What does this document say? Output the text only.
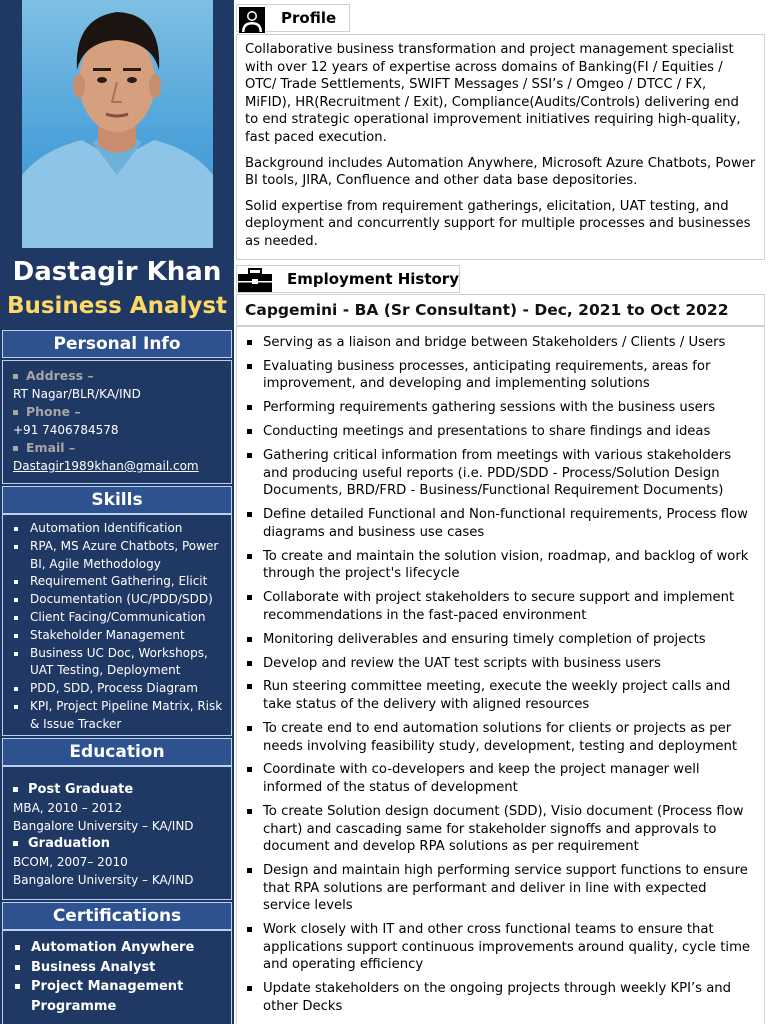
Dastagir Khan
Business Analyst
Personal Info
Address –
RT Nagar/BLR/KA/IND
Phone –
+91 7406784578
Email –
Dastagir1989khan@gmail.com
Skills
Automation Identification
RPA, MS Azure Chatbots, Power BI, Agile Methodology
Requirement Gathering, Elicit
Documentation (UC/PDD/SDD)
Client Facing/Communication
Stakeholder Management
Business UC Doc, Workshops, UAT Testing, Deployment
PDD, SDD, Process Diagram
KPI, Project Pipeline Matrix, Risk & Issue Tracker
Education
Post Graduate
MBA, 2010 – 2012
Bangalore University – KA/IND
Graduation
BCOM, 2007– 2010
Bangalore University – KA/IND
Certifications
Automation Anywhere
Business Analyst
Project Management Programme
Profile

Collaborative business transformation and project management specialist with over 12 years of expertise across domains of Banking(FI / Equities / OTC/ Trade Settlements, SWIFT Messages / SSI’s / Omgeo / DTCC / FX, MiFID), HR(Recruitment / Exit), Compliance(Audits/Controls) delivering end to end strategic operational improvement initiatives requiring high-quality, fast paced execution.

Background includes Automation Anywhere, Microsoft Azure Chatbots, Power BI tools, JIRA, Confluence and other data base depositories.

Solid expertise from requirement gatherings, elicitation, UAT testing, and deployment and concurrently support for multiple processes and businesses as needed.

Employment History
Capgemini - BA (Sr Consultant) - Dec, 2021 to Oct 2022
Serving as a liaison and bridge between Stakeholders / Clients / Users
Evaluating business processes, anticipating requirements, areas for improvement, and developing and implementing solutions
Performing requirements gathering sessions with the business users
Conducting meetings and presentations to share findings and ideas
Gathering critical information from meetings with various stakeholders and producing useful reports (i.e. PDD/SDD - Process/Solution Design Documents, BRD/FRD - Business/Functional Requirement Documents)
Define detailed Functional and Non-functional requirements, Process flow diagrams and business use cases
To create and maintain the solution vision, roadmap, and backlog of work through the project's lifecycle
Collaborate with project stakeholders to secure support and implement recommendations in the fast-paced environment
Monitoring deliverables and ensuring timely completion of projects
Develop and review the UAT test scripts with business users
Run steering committee meeting, execute the weekly project calls and take status of the delivery with aligned resources
To create end to end automation solutions for clients or projects as per needs involving feasibility study, development, testing and deployment
Coordinate with co-developers and keep the project manager well informed of the status of development
To create Solution design document (SDD), Visio document (Process flow chart) and cascading same for stakeholder signoffs and approvals to document and develop RPA solutions as per requirement
Design and maintain high performing service support functions to ensure that RPA solutions are performant and deliver in line with expected service levels
Work closely with IT and other cross functional teams to ensure that applications support continuous improvements around quality, cycle time and operating efficiency
Update stakeholders on the ongoing projects through weekly KPI’s and other Decks
